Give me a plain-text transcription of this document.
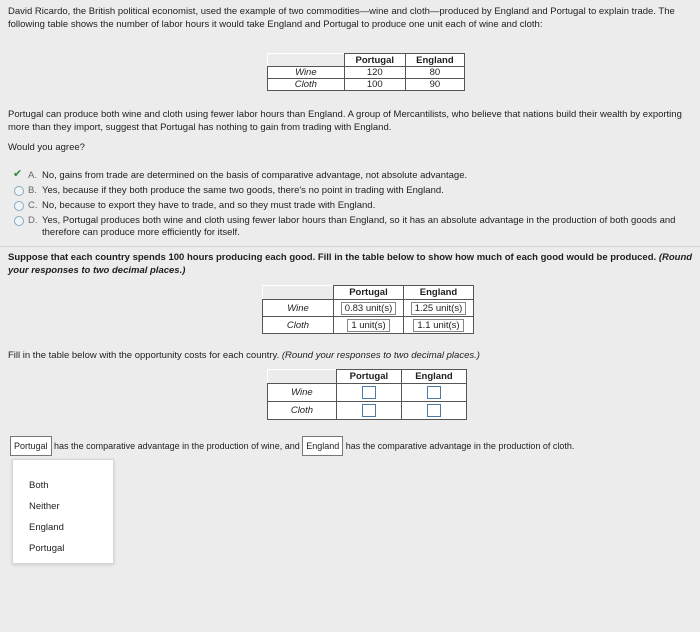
David Ricardo, the British political economist, used the example of two commodities—wine and cloth—produced by England and Portugal to explain trade. The following table shows the number of labor hours it would take England and Portugal to produce one unit each of wine and cloth:
	Portugal	England
Wine	120	80
Cloth	100	90
Portugal can produce both wine and cloth using fewer labor hours than England. A group of Mercantilists, who believe that nations build their wealth by exporting more than they import, suggest that Portugal has nothing to gain from trading with England.
Would you agree?
✔ A. No, gains from trade are determined on the basis of comparative advantage, not absolute advantage.
B. Yes, because if they both produce the same two goods, there's no point in trading with England.
C. No, because to export they have to trade, and so they must trade with England.
D. Yes, Portugal produces both wine and cloth using fewer labor hours than England, so it has an absolute advantage in the production of both goods and therefore can produce more efficiently for itself.
Suppose that each country spends 100 hours producing each good. Fill in the table below to show how much of each good would be produced. (Round your responses to two decimal places.)
	Portugal	England
Wine	0.83 unit(s)	1.25 unit(s)
Cloth	1 unit(s)	1.1 unit(s)
Fill in the table below with the opportunity costs for each country. (Round your responses to two decimal places.)
	Portugal	England
Wine		
Cloth		
Portugal has the comparative advantage in the production of wine, and England has the comparative advantage in the production of cloth.
Both
Neither
England
Portugal
